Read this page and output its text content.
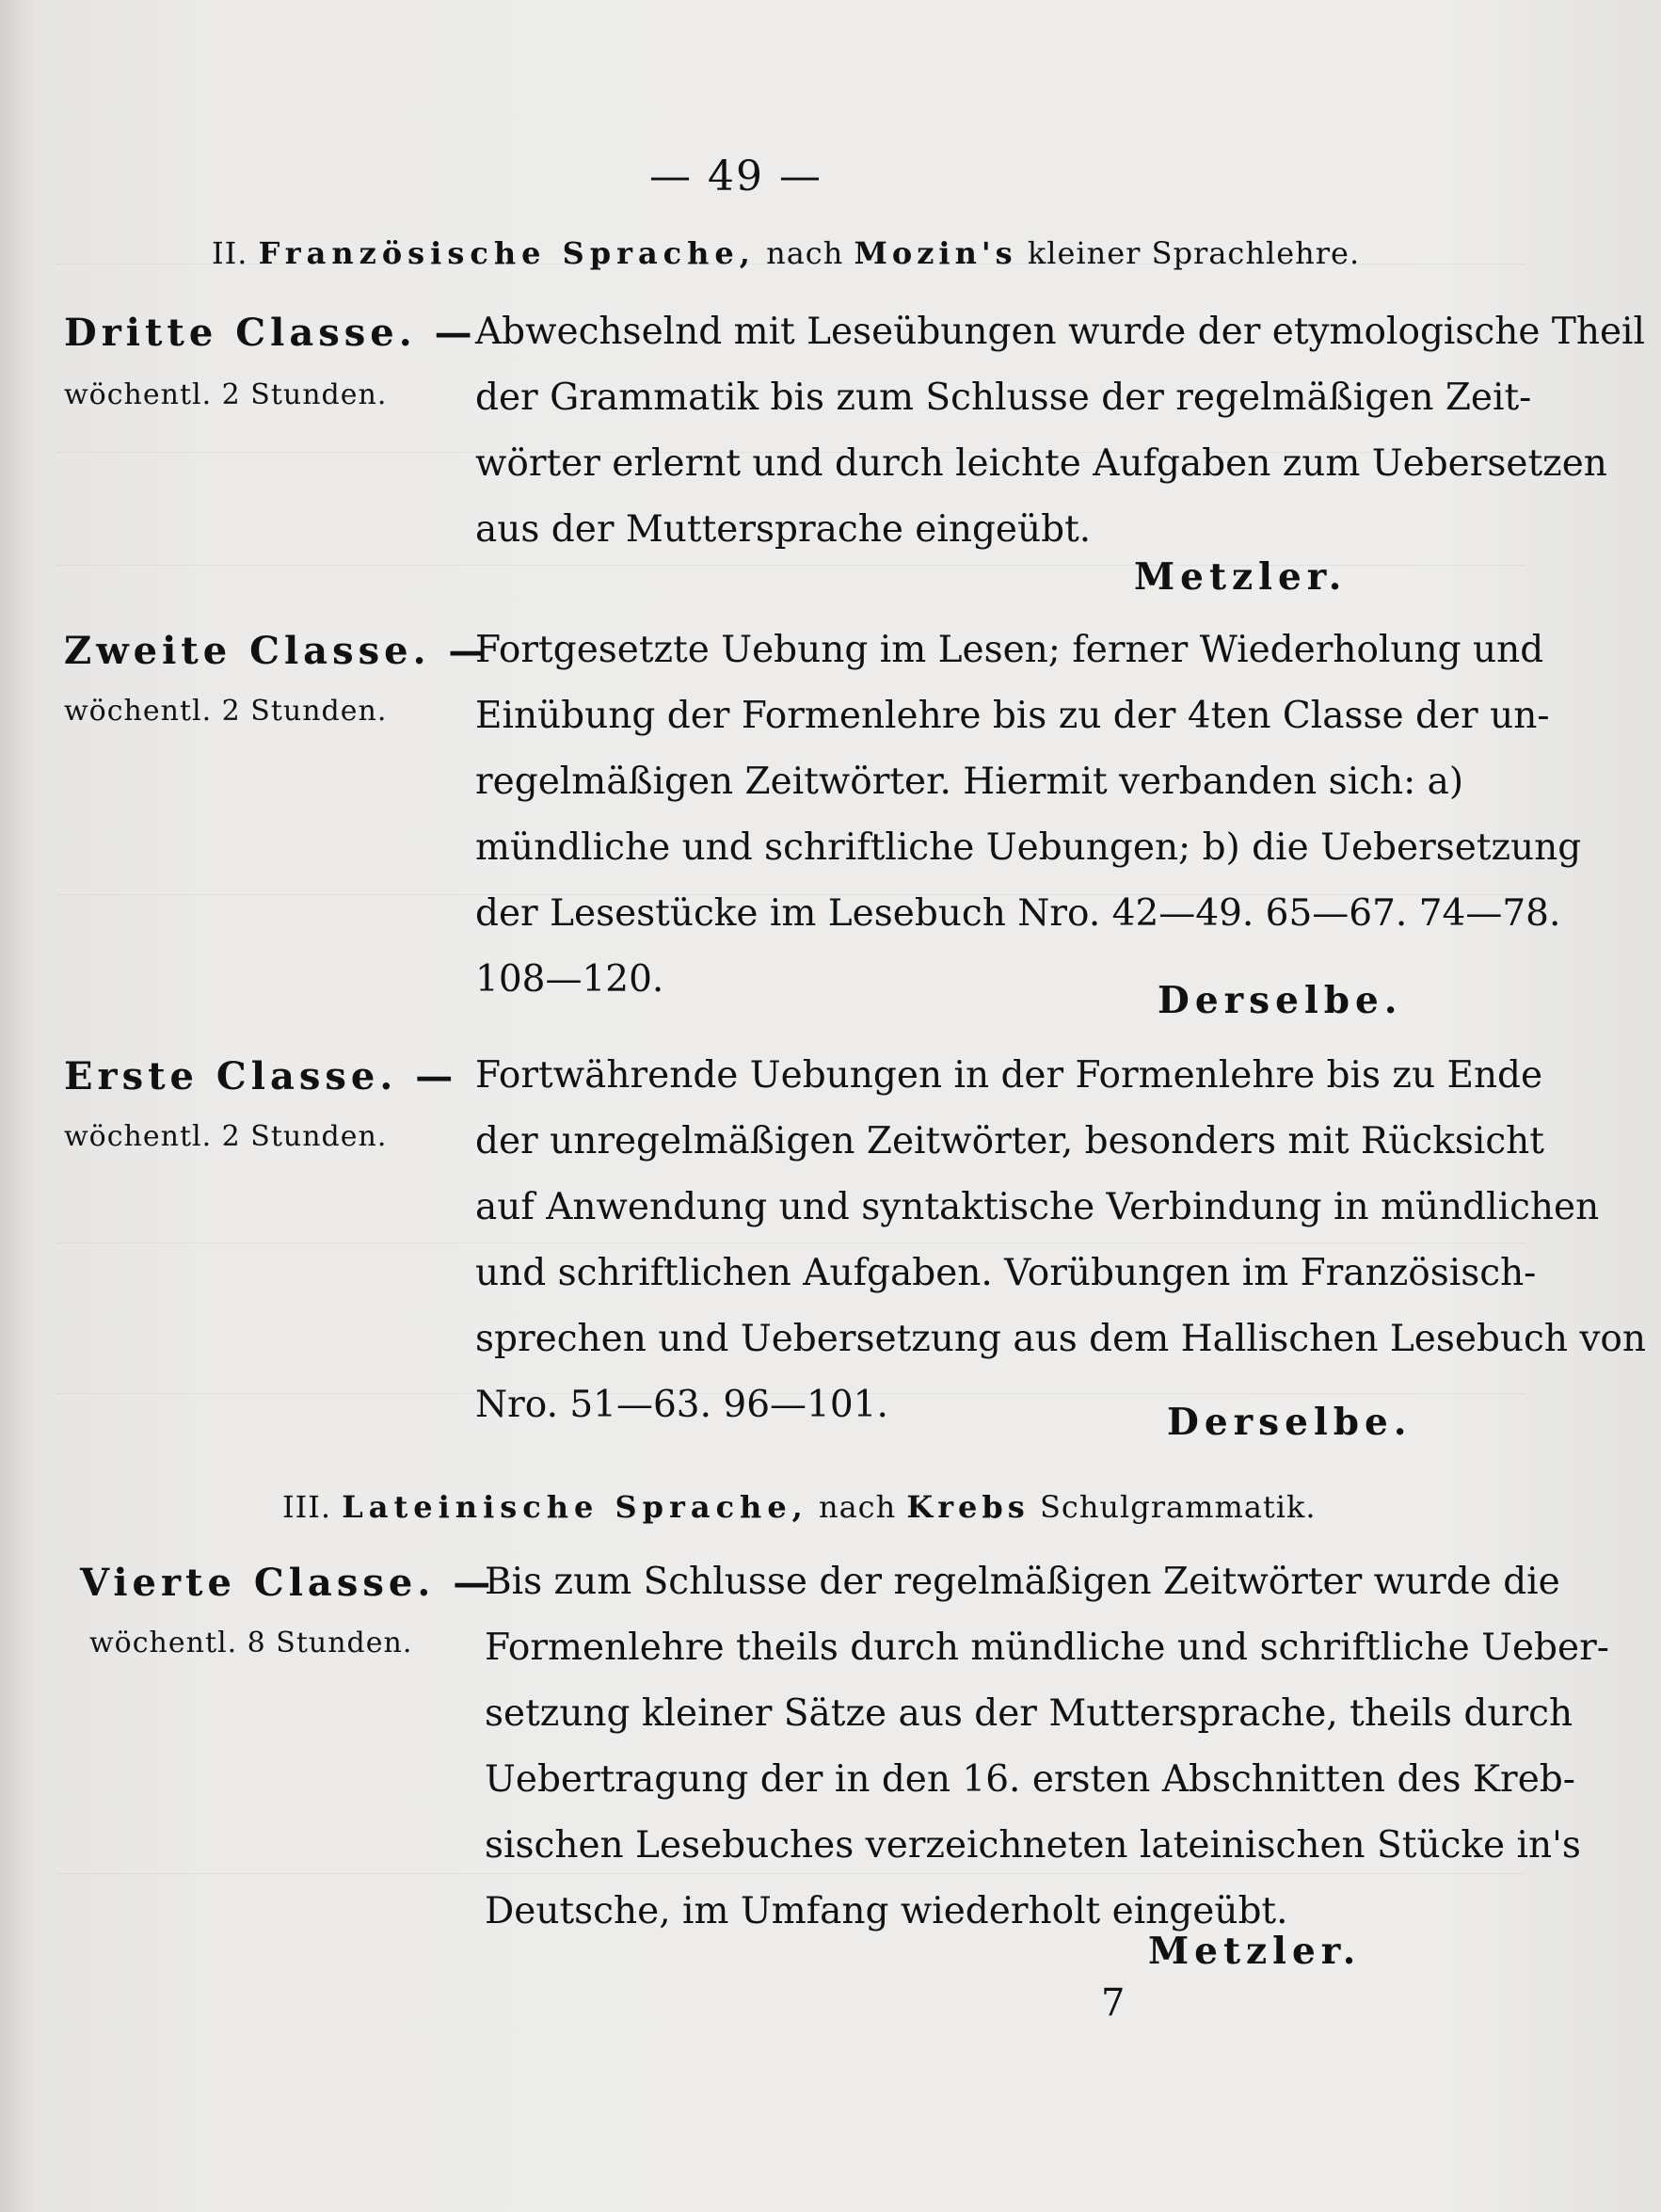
— 49 —
II. Französische Sprache, nach Mozin's kleiner Sprachlehre.
Dritte Classe. —
wöchentl. 2 Stunden.

Abwechselnd mit Leseübungen wurde der etymologische Theil

der Grammatik bis zum Schlusse der regelmäßigen Zeit-

wörter erlernt und durch leichte Aufgaben zum Uebersetzen

aus der Muttersprache eingeübt.

Metzler.
Zweite Classe. —
wöchentl. 2 Stunden.

Fortgesetzte Uebung im Lesen; ferner Wiederholung und

Einübung der Formenlehre bis zu der 4ten Classe der un-

regelmäßigen Zeitwörter. Hiermit verbanden sich: a)

mündliche und schriftliche Uebungen; b) die Uebersetzung

der Lesestücke im Lesebuch Nro. 42—49. 65—67. 74—78.

108—120.	Derselbe.
Erste Classe. —
wöchentl. 2 Stunden.

Fortwährende Uebungen in der Formenlehre bis zu Ende

der unregelmäßigen Zeitwörter, besonders mit Rücksicht

auf Anwendung und syntaktische Verbindung in mündlichen

und schriftlichen Aufgaben. Vorübungen im Französisch-

sprechen und Uebersetzung aus dem Hallischen Lesebuch von

Nro. 51—63. 96—101.	Derselbe.
III. Lateinische Sprache, nach Krebs Schulgrammatik.
Vierte Classe. —
wöchentl. 8 Stunden.

Bis zum Schlusse der regelmäßigen Zeitwörter wurde die

Formenlehre theils durch mündliche und schriftliche Ueber-

setzung kleiner Sätze aus der Muttersprache, theils durch

Uebertragung der in den 16. ersten Abschnitten des Kreb-

sischen Lesebuches verzeichneten lateinischen Stücke in's

Deutsche, im Umfang wiederholt eingeübt.

Metzler.
7
